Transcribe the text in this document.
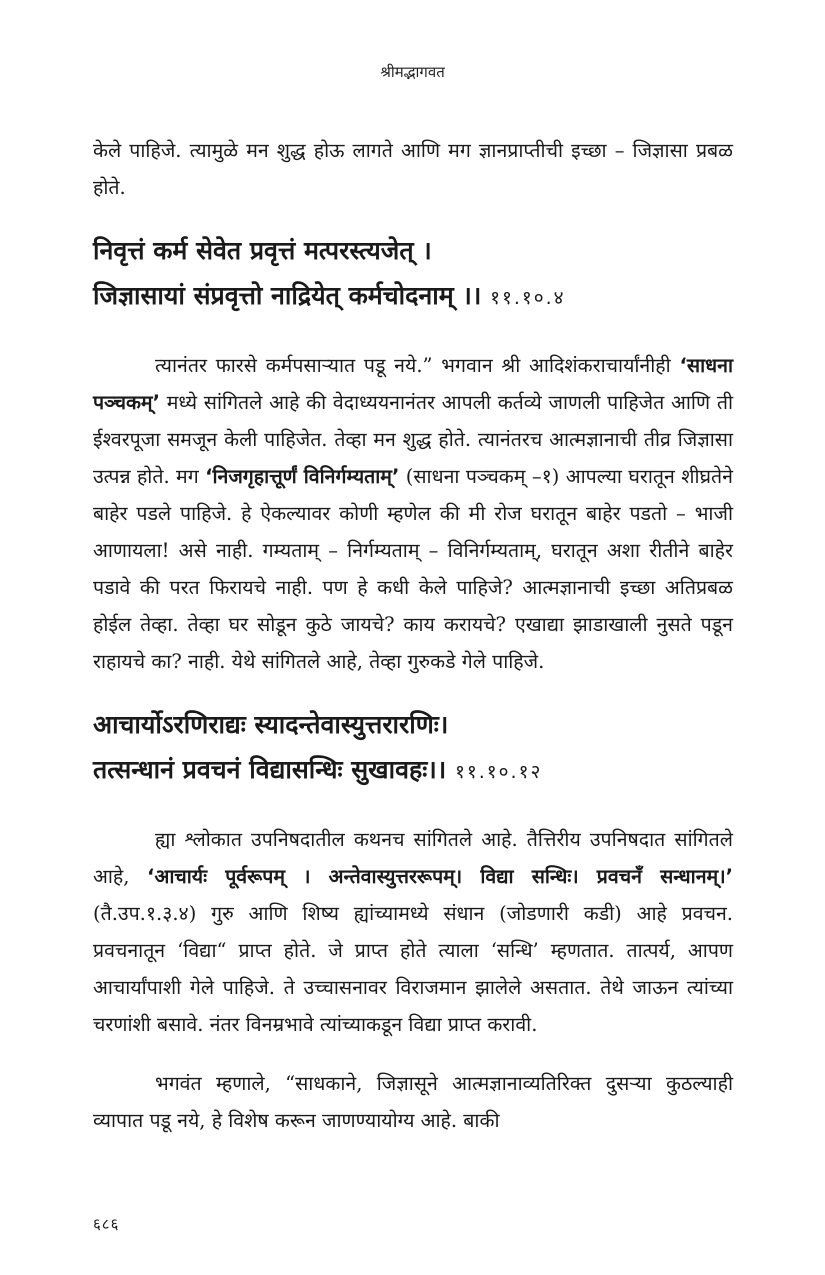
श्रीमद्भागवत

केले पाहिजे. त्यामुळे मन शुद्ध होऊ लागते आणि मग ज्ञानप्राप्तीची इच्छा – जिज्ञासा प्रबळ होते.

निवृत्तं कर्म सेवेत प्रवृत्तं मत्परस्त्यजेत् ।
जिज्ञासायां संप्रवृत्तो नाद्रियेत् कर्मचोदनाम् ।। ११.१०.४

त्यानंतर फारसे कर्मपसाऱ्यात पडू नये.” भगवान श्री आदिशंकराचार्यांनीही ‘साधना पञ्चकम्’ मध्ये सांगितले आहे की वेदाध्ययनानंतर आपली कर्तव्ये जाणली पाहिजेत आणि ती ईश्वरपूजा समजून केली पाहिजेत. तेव्हा मन शुद्ध होते. त्यानंतरच आत्मज्ञानाची तीव्र जिज्ञासा उत्पन्न होते. मग ‘निजगृहात्तूर्णं विनिर्गम्यताम्’ (साधना पञ्चकम् –१) आपल्या घरातून शीघ्रतेने बाहेर पडले पाहिजे. हे ऐकल्यावर कोणी म्हणेल की मी रोज घरातून बाहेर पडतो – भाजी आणायला! असे नाही. गम्यताम् – निर्गम्यताम् – विनिर्गम्यताम्, घरातून अशा रीतीने बाहेर पडावे की परत फिरायचे नाही. पण हे कधी केले पाहिजे? आत्मज्ञानाची इच्छा अतिप्रबळ होईल तेव्हा. तेव्हा घर सोडून कुठे जायचे? काय करायचे? एखाद्या झाडाखाली नुसते पडून राहायचे का? नाही. येथे सांगितले आहे, तेव्हा गुरुकडे गेले पाहिजे.

आचार्योऽरणिराद्यः स्यादन्तेवास्युत्तरारणिः।
तत्सन्धानं प्रवचनं विद्यासन्धिः सुखावहः।। ११.१०.१२

ह्या श्लोकात उपनिषदातील कथनच सांगितले आहे. तैत्तिरीय उपनिषदात सांगितले आहे, ‘आचार्यः पूर्वरूपम् । अन्तेवास्युत्तररूपम्। विद्या सन्धिः। प्रवचनँ सन्धानम्।’ (तै.उप.१.३.४) गुरु आणि शिष्य ह्यांच्यामध्ये संधान (जोडणारी कडी) आहे प्रवचन. प्रवचनातून ‘विद्या“ प्राप्त होते. जे प्राप्त होते त्याला ‘सन्धि’ म्हणतात. तात्पर्य, आपण आचार्यांपाशी गेले पाहिजे. ते उच्चासनावर विराजमान झालेले असतात. तेथे जाऊन त्यांच्या चरणांशी बसावे. नंतर विनम्रभावे त्यांच्याकडून विद्या प्राप्त करावी.

भगवंत म्हणाले, “साधकाने, जिज्ञासूने आत्मज्ञानाव्यतिरिक्त दुसऱ्या कुठल्याही व्यापात पडू नये, हे विशेष करून जाणण्यायोग्य आहे. बाकी

६८६
